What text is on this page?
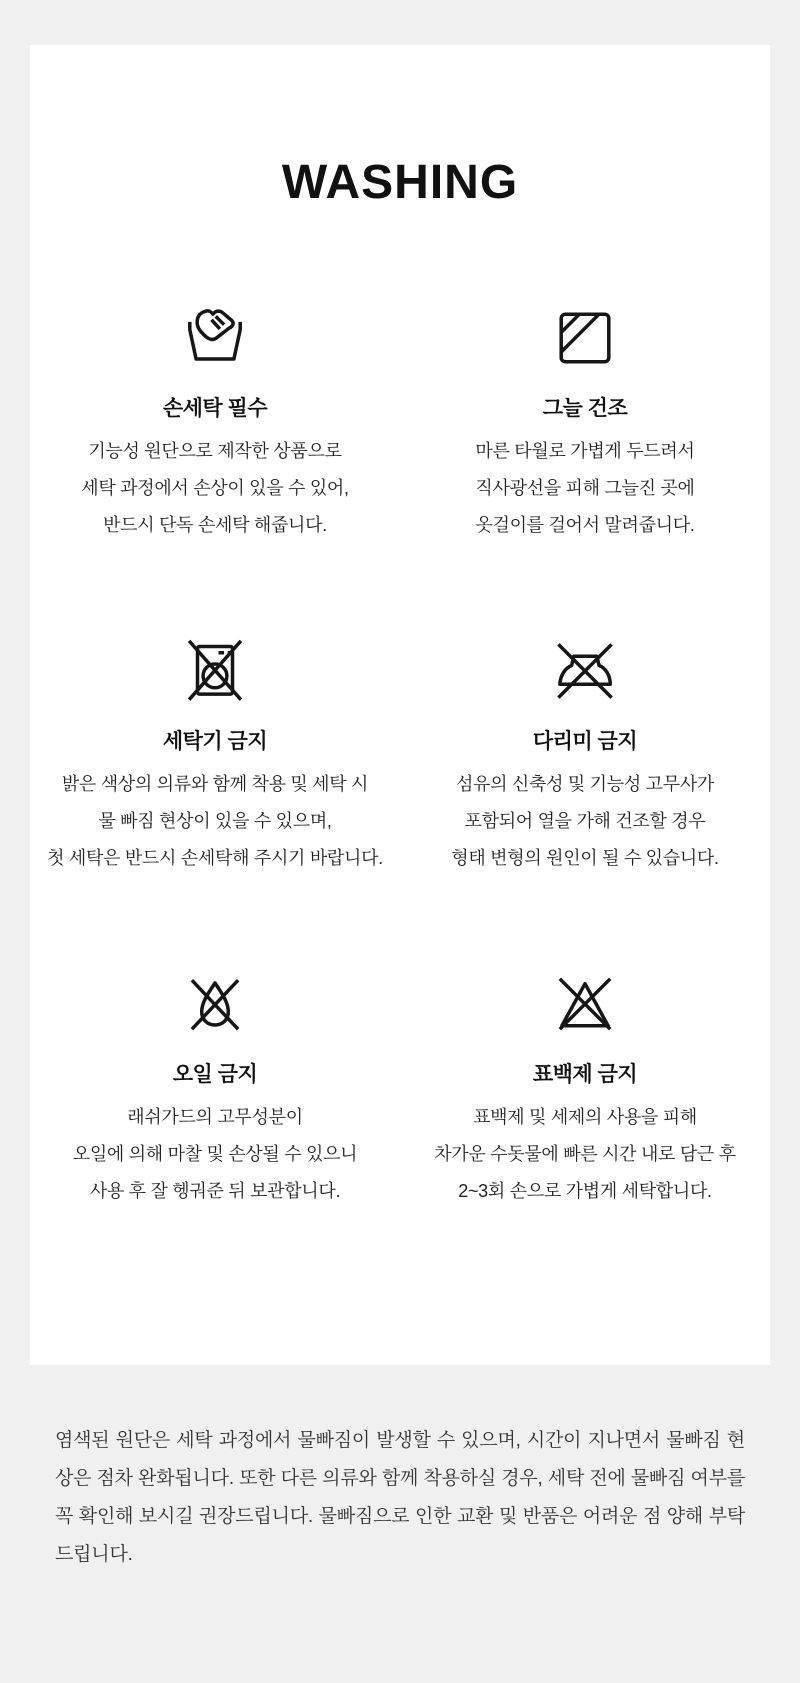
WASHING
손세탁 필수
기능성 원단으로 제작한 상품으로
세탁 과정에서 손상이 있을 수 있어,
반드시 단독 손세탁 해줍니다.
그늘 건조
마른 타월로 가볍게 두드려서
직사광선을 피해 그늘진 곳에
옷걸이를 걸어서 말려줍니다.
세탁기 금지
밝은 색상의 의류와 함께 착용 및 세탁 시
물 빠짐 현상이 있을 수 있으며,
첫 세탁은 반드시 손세탁해 주시기 바랍니다.
다리미 금지
섬유의 신축성 및 기능성 고무사가
포함되어 열을 가해 건조할 경우
형태 변형의 원인이 될 수 있습니다.
오일 금지
래쉬가드의 고무성분이
오일에 의해 마찰 및 손상될 수 있으니
사용 후 잘 헹궈준 뒤 보관합니다.
표백제 금지
표백제 및 세제의 사용을 피해
차가운 수돗물에 빠른 시간 내로 담근 후
2~3회 손으로 가볍게 세탁합니다.

염색된 원단은 세탁 과정에서 물빠짐이 발생할 수 있으며, 시간이 지나면서 물빠짐 현상은 점차 완화됩니다. 또한 다른 의류와 함께 착용하실 경우, 세탁 전에 물빠짐 여부를 꼭 확인해 보시길 권장드립니다. 물빠짐으로 인한 교환 및 반품은 어려운 점 양해 부탁드립니다.
